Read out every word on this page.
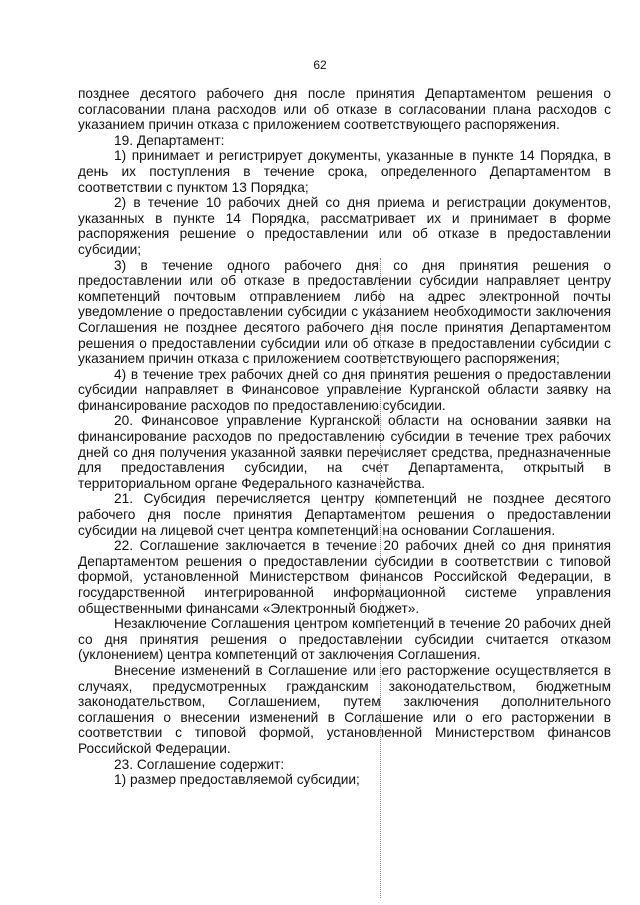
62

позднее десятого рабочего дня после принятия Департаментом решения о согласовании плана расходов или об отказе в согласовании плана расходов с указанием причин отказа с приложением соответствующего распоряжения.

19. Департамент:

1) принимает и регистрирует документы, указанные в пункте 14 Порядка, в день их поступления в течение срока, определенного Департаментом в соответствии с пунктом 13 Порядка;

2) в течение 10 рабочих дней со дня приема и регистрации документов, указанных в пункте 14 Порядка, рассматривает их и принимает в форме распоряжения решение о предоставлении или об отказе в предоставлении субсидии;

3) в течение одного рабочего дня со дня принятия решения о предоставлении или об отказе в предоставлении субсидии направляет центру компетенций почтовым отправлением либо на адрес электронной почты уведомление о предоставлении субсидии с указанием необходимости заключения Соглашения не позднее десятого рабочего дня после принятия Департаментом решения о предоставлении субсидии или об отказе в предоставлении субсидии с указанием причин отказа с приложением соответствующего распоряжения;

4) в течение трех рабочих дней со дня принятия решения о предоставлении субсидии направляет в Финансовое управление Курганской области заявку на финансирование расходов по предоставлению субсидии.

20. Финансовое управление Курганской области на основании заявки на финансирование расходов по предоставлению субсидии в течение трех рабочих дней со дня получения указанной заявки перечисляет средства, предназначенные для предоставления субсидии, на счет Департамента, открытый в территориальном органе Федерального казначейства.

21. Субсидия перечисляется центру компетенций не позднее десятого рабочего дня после принятия Департаментом решения о предоставлении субсидии на лицевой счет центра компетенций на основании Соглашения.

22. Соглашение заключается в течение 20 рабочих дней со дня принятия Департаментом решения о предоставлении субсидии в соответствии с типовой формой, установленной Министерством финансов Российской Федерации, в государственной интегрированной информационной системе управления общественными финансами «Электронный бюджет».

Незаключение Соглашения центром компетенций в течение 20 рабочих дней со дня принятия решения о предоставлении субсидии считается отказом (уклонением) центра компетенций от заключения Соглашения.

Внесение изменений в Соглашение или его расторжение осуществляется в случаях, предусмотренных гражданским законодательством, бюджетным законодательством, Соглашением, путем заключения дополнительного соглашения о внесении изменений в Соглашение или о его расторжении в соответствии с типовой формой, установленной Министерством финансов Российской Федерации.

23. Соглашение содержит:

1) размер предоставляемой субсидии;
